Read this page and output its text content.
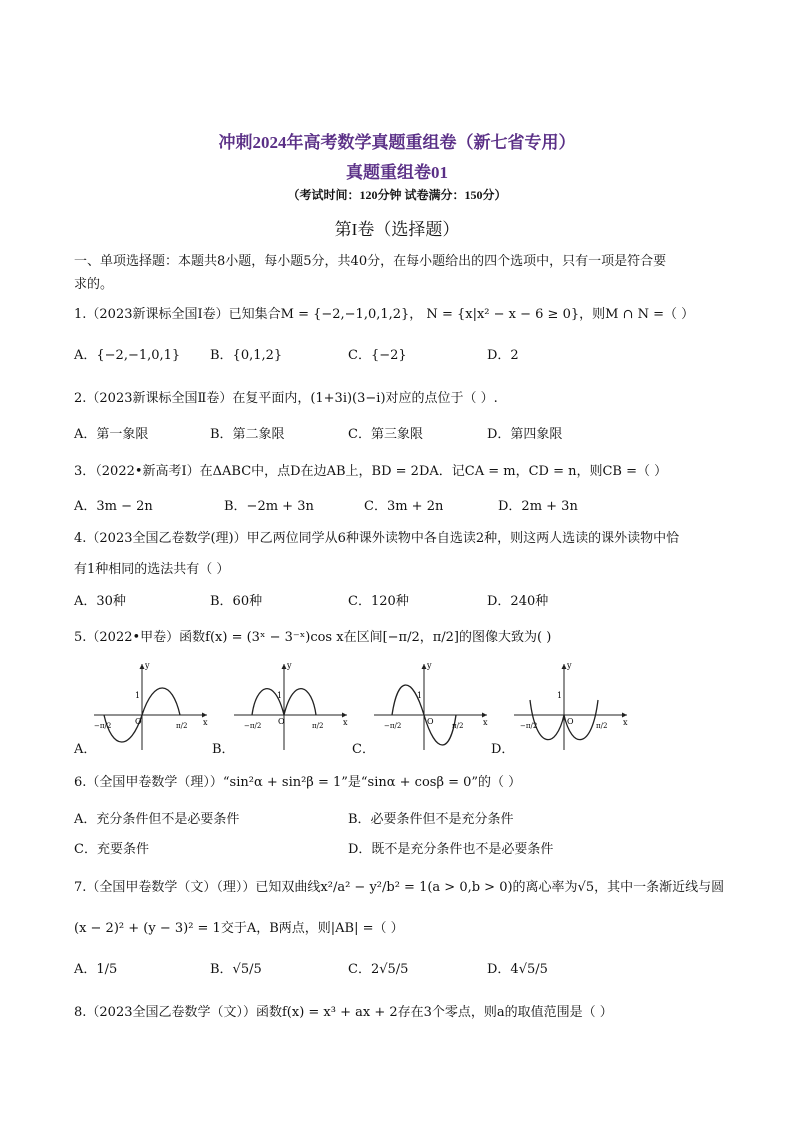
冲刺2024年高考数学真题重组卷（新七省专用）
真题重组卷01
（考试时间：120分钟 试卷满分：150分）
第I卷（选择题）
一、单项选择题：本题共8小题，每小题5分，共40分，在每小题给出的四个选项中，只有一项是符合要
求的。
1.（2023新课标全国Ⅰ卷）已知集合M = {−2,−1,0,1,2}， N = {x|x² − x − 6 ≥ 0}，则M ∩ N =（ ）
A．{−2,−1,0,1} B．{0,1,2}	C．{−2}	D．2
2.（2023新课标全国Ⅱ卷）在复平面内，(1+3i)(3−i)对应的点位于（ ）.
A．第一象限	B．第二象限	C．第三象限	D．第四象限
3．（2022•新高考Ⅰ）在ΔABC中，点D在边AB上，BD = 2DA．记CA = m，CD = n，则CB =（ ）
A．3m − 2n	B．−2m + 3n	C．3m + 2n	D．2m + 3n
4.（2023全国乙卷数学(理)）甲乙两位同学从6种课外读物中各自选读2种，则这两人选读的课外读物中恰
有1种相同的选法共有（ ）
A．30种	B．60种	C．120种	D．240种
5.（2022•甲卷）函数f(x) = (3ˣ − 3⁻ˣ)cos x在区间[−π/2，π/2]的图像大致为( )
A．	B．	C．	D．
y
x
O
1
−π/2	π/2
y
x
O
1
−π/2	π/2
y
x
O
1
−π/2	π/2
y
x
O
1
−π/2	π/2
6.（全国甲卷数学（理））“sin²α + sin²β = 1”是“sinα + cosβ = 0”的（ ）
A．充分条件但不是必要条件	B．必要条件但不是充分条件
C．充要条件	D．既不是充分条件也不是必要条件
7.（全国甲卷数学（文）（理））已知双曲线x²/a² − y²/b² = 1(a > 0,b > 0)的离心率为√5，其中一条渐近线与圆
(x − 2)² + (y − 3)² = 1交于A，B两点，则|AB| =（ ）
A．1/5	B．√5/5	C．2√5/5	D．4√5/5
8.（2023全国乙卷数学（文））函数f(x) = x³ + ax + 2存在3个零点，则a的取值范围是（ ）
